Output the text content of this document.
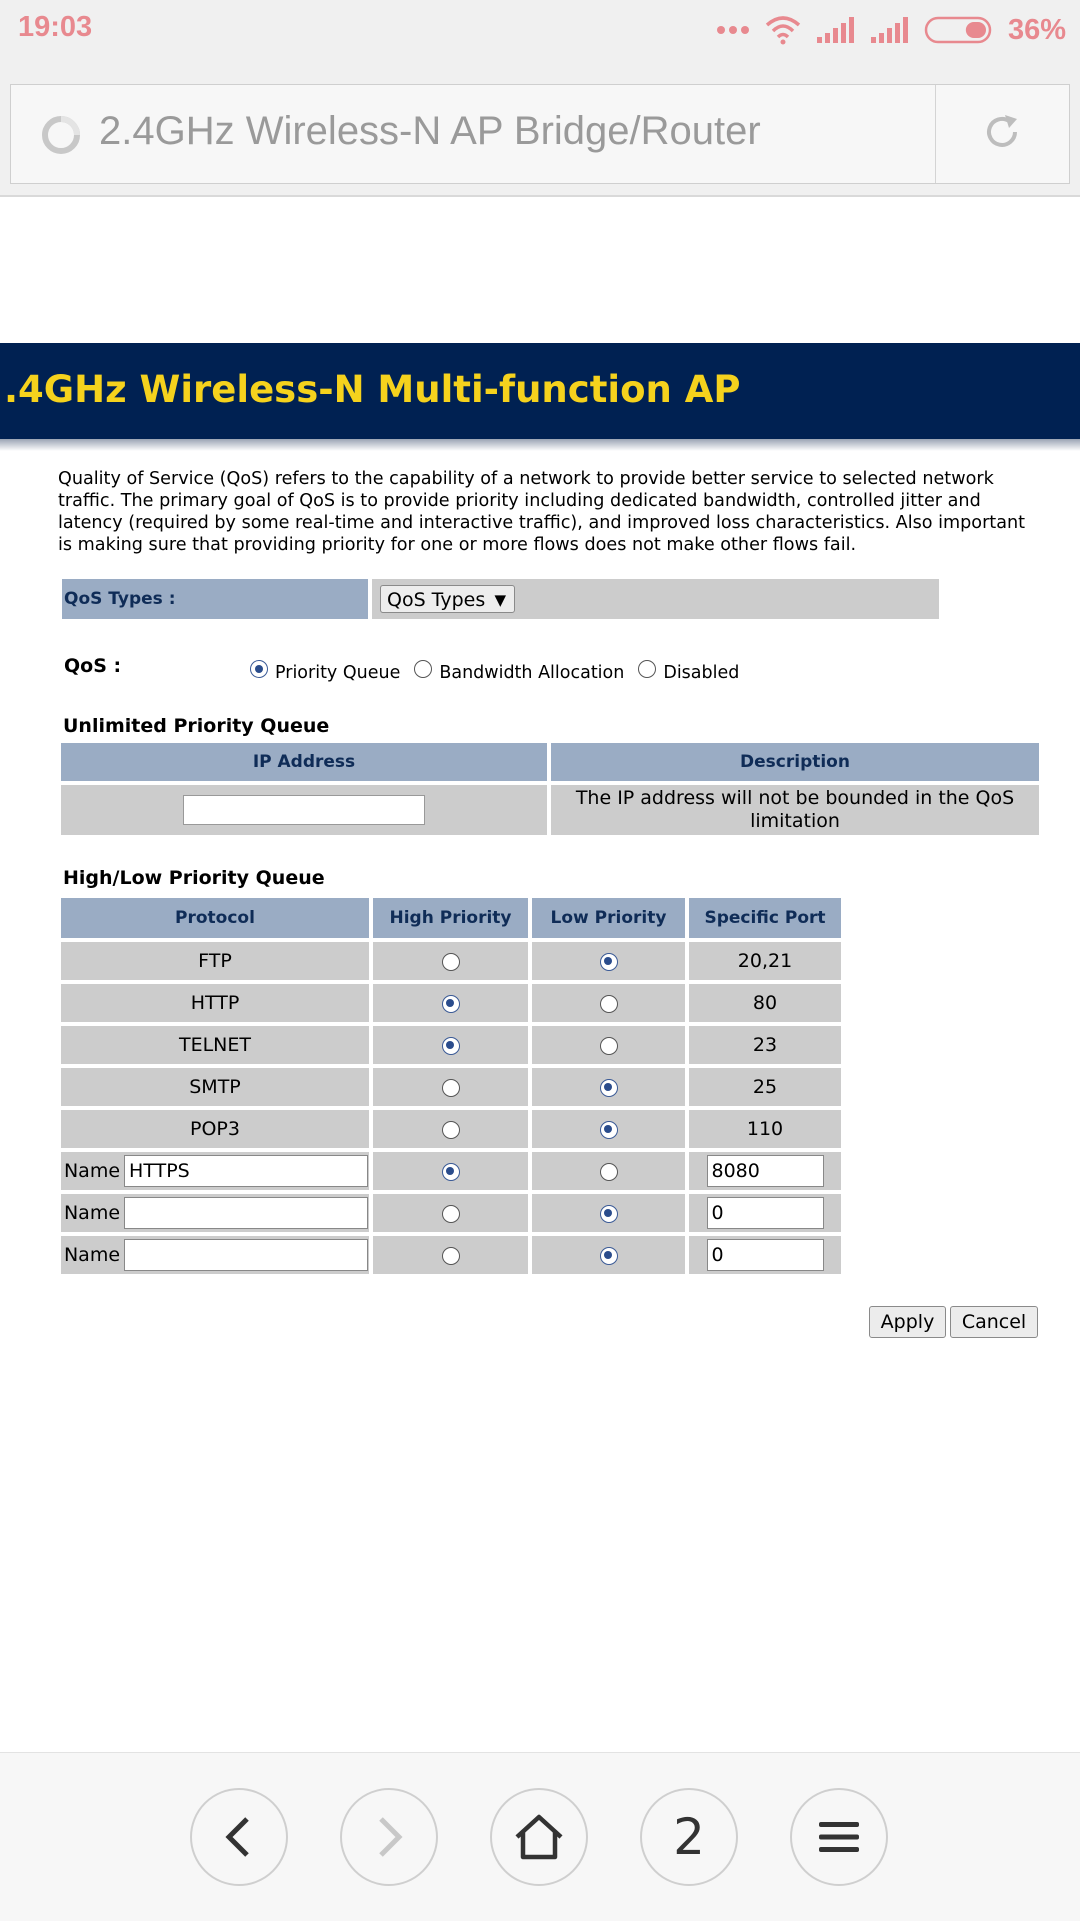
19:03	36%
2.4GHz Wireless-N AP Bridge/Router
.4GHz Wireless-N Multi-function AP
Quality of Service (QoS) refers to the capability of a network to provide better service to selected network traffic. The primary goal of QoS is to provide priority including dedicated bandwidth, controlled jitter and latency (required by some real-time and interactive traffic), and improved loss characteristics. Also important is making sure that providing priority for one or more flows does not make other flows fail.
QoS Types :	QoS Types ▼
QoS :	Priority Queue Bandwidth Allocation Disabled
Unlimited Priority Queue
IP Address	Description
	The IP address will not be bounded in the QoS limitation
High/Low Priority Queue
Protocol	High Priority	Low Priority	Specific Port
FTP			20,21
HTTP			80
TELNET			23
SMTP			25
POP3			110
Name HTTPS			8080
Name			0
Name			0
Apply	Cancel
2
